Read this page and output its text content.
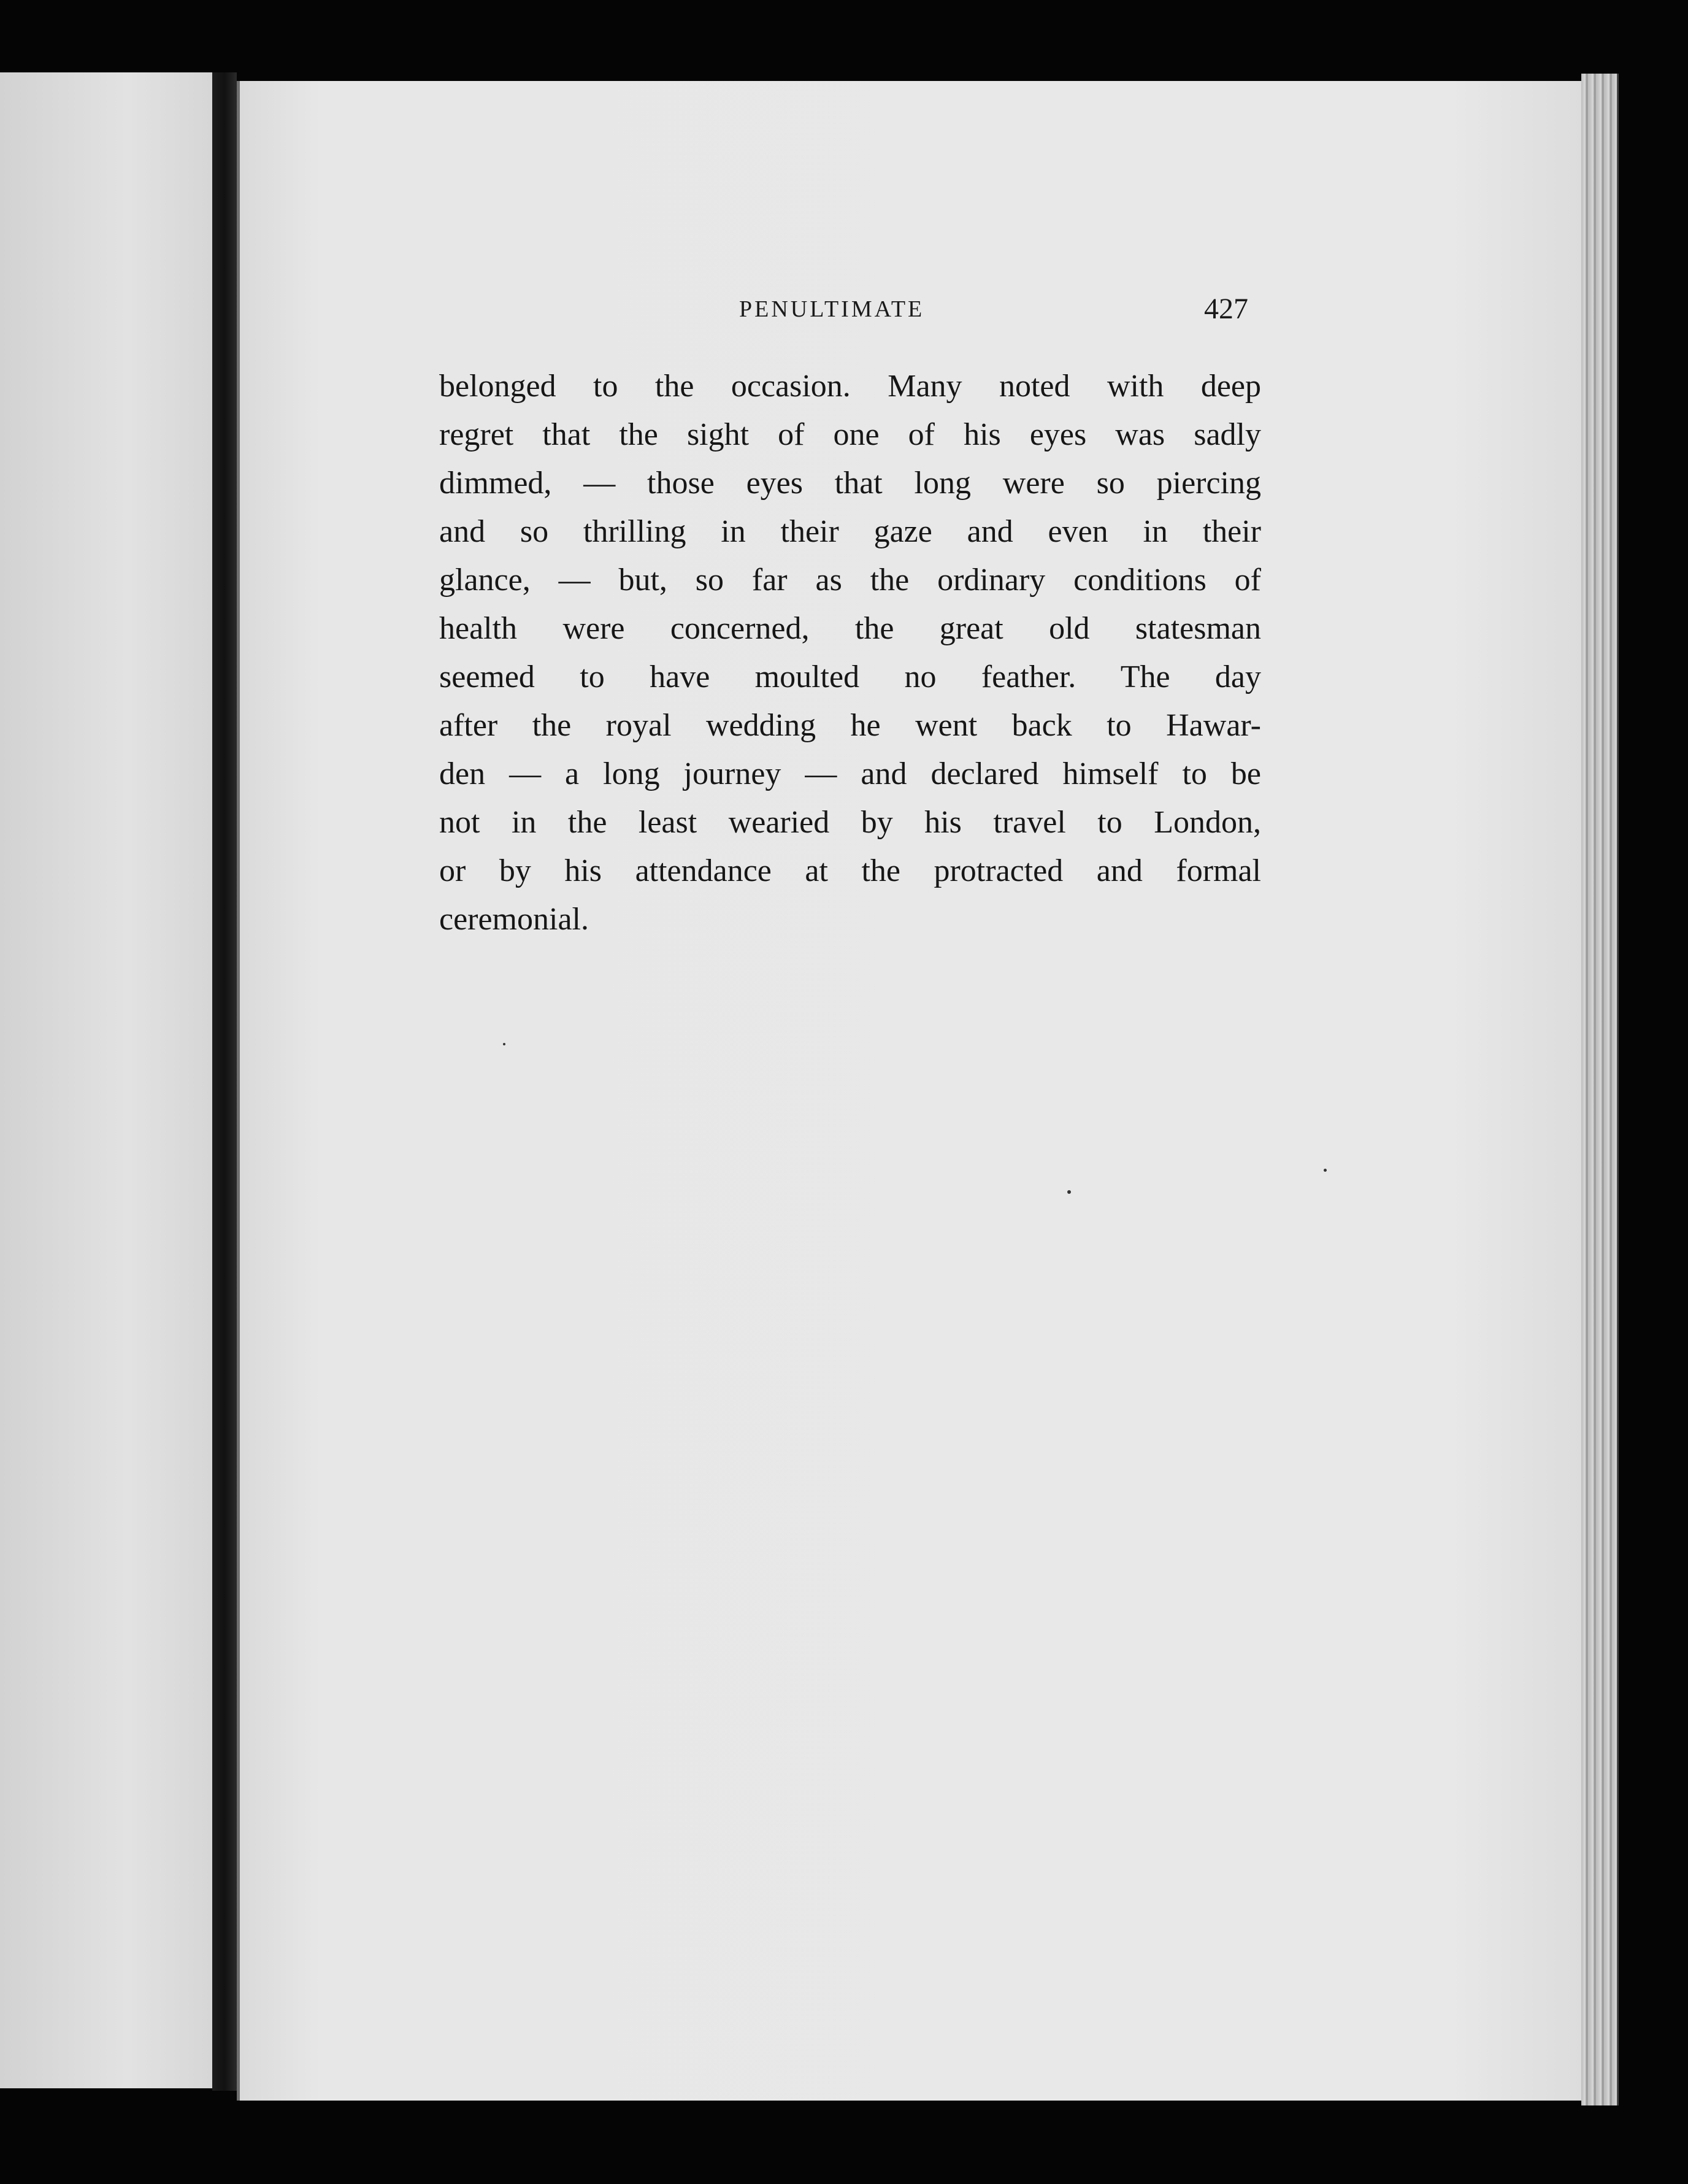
PENULTIMATE	427
belonged to the occasion. Many noted with deep
regret that the sight of one of his eyes was sadly
dimmed, — those eyes that long were so piercing
and so thrilling in their gaze and even in their
glance, — but, so far as the ordinary conditions of
health were concerned, the great old statesman
seemed to have moulted no feather. The day
after the royal wedding he went back to Hawar-
den — a long journey — and declared himself to be
not in the least wearied by his travel to London,
or by his attendance at the protracted and formal
ceremonial.
